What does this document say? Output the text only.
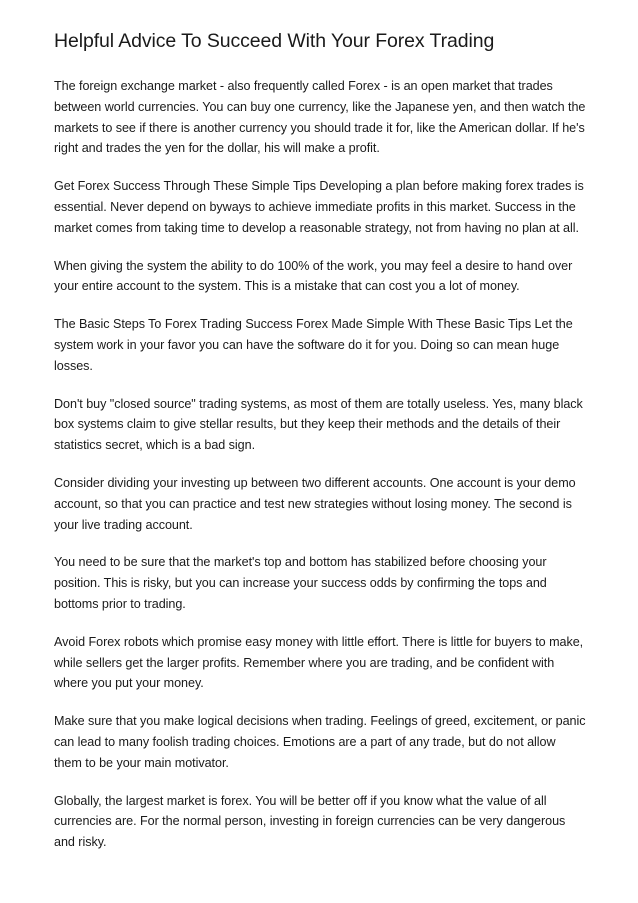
Helpful Advice To Succeed With Your Forex Trading

The foreign exchange market - also frequently called Forex - is an open market that trades between world currencies. You can buy one currency, like the Japanese yen, and then watch the markets to see if there is another currency you should trade it for, like the American dollar. If he's right and trades the yen for the dollar, his will make a profit.

Get Forex Success Through These Simple Tips Developing a plan before making forex trades is essential. Never depend on byways to achieve immediate profits in this market. Success in the market comes from taking time to develop a reasonable strategy, not from having no plan at all.

When giving the system the ability to do 100% of the work, you may feel a desire to hand over your entire account to the system. This is a mistake that can cost you a lot of money.

The Basic Steps To Forex Trading Success Forex Made Simple With These Basic Tips Let the system work in your favor you can have the software do it for you. Doing so can mean huge losses.

Don't buy "closed source" trading systems, as most of them are totally useless. Yes, many black box systems claim to give stellar results, but they keep their methods and the details of their statistics secret, which is a bad sign.

Consider dividing your investing up between two different accounts. One account is your demo account, so that you can practice and test new strategies without losing money. The second is your live trading account.

You need to be sure that the market's top and bottom has stabilized before choosing your position. This is risky, but you can increase your success odds by confirming the tops and bottoms prior to trading.

Avoid Forex robots which promise easy money with little effort. There is little for buyers to make, while sellers get the larger profits. Remember where you are trading, and be confident with where you put your money.

Make sure that you make logical decisions when trading. Feelings of greed, excitement, or panic can lead to many foolish trading choices. Emotions are a part of any trade, but do not allow them to be your main motivator.

Globally, the largest market is forex. You will be better off if you know what the value of all currencies are. For the normal person, investing in foreign currencies can be very dangerous and risky.
